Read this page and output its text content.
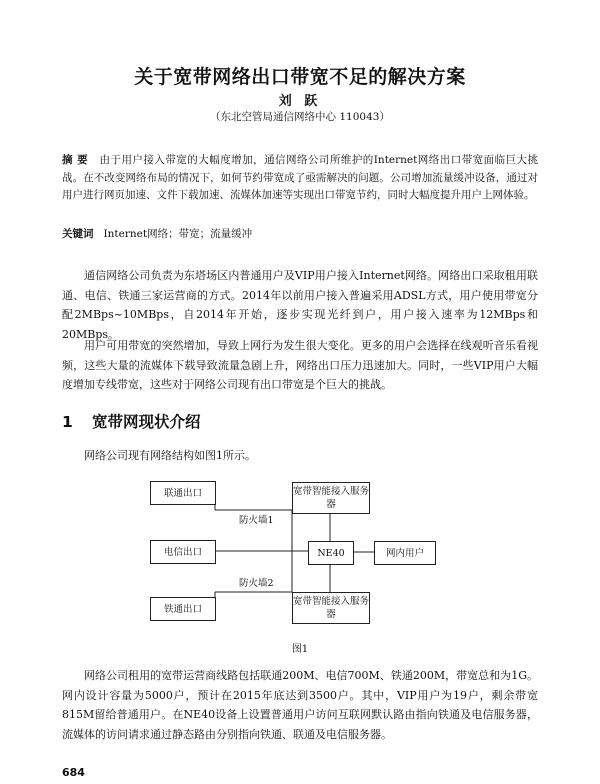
关于宽带网络出口带宽不足的解决方案
刘 跃
（东北空管局通信网络中心 110043）
摘 要 由于用户接入带宽的大幅度增加，通信网络公司所维护的Internet网络出口带宽面临巨大挑战。在不改变网络布局的情况下，如何节约带宽成了亟需解决的问题。公司增加流量缓冲设备，通过对用户进行网页加速、文件下载加速、流媒体加速等实现出口带宽节约，同时大幅度提升用户上网体验。
关键词 Internet网络；带宽；流量缓冲
通信网络公司负责为东塔场区内普通用户及VIP用户接入Internet网络。网络出口采取租用联通、电信、铁通三家运营商的方式。2014年以前用户接入普遍采用ADSL方式，用户使用带宽分配2MBps~10MBps，自2014年开始，逐步实现光纤到户，用户接入速率为12MBps和20MBps。
用户可用带宽的突然增加，导致上网行为发生很大变化。更多的用户会选择在线观听音乐看视频，这些大量的流媒体下载导致流量急剧上升，网络出口压力迅速加大。同时，一些VIP用户大幅度增加专线带宽，这些对于网络公司现有出口带宽是个巨大的挑战。
1 宽带网现状介绍
网络公司现有网络结构如图1所示。
联通出口
电信出口
铁通出口
宽带智能接入服务器
NE40	网内用户
宽带智能接入服务器
防火墙1
防火墙2
图1
网络公司租用的宽带运营商线路包括联通200M、电信700M、铁通200M，带宽总和为1G。网内设计容量为5000户，预计在2015年底达到3500户。其中，VIP用户为19户，剩余带宽815M留给普通用户。在NE40设备上设置普通用户访问互联网默认路由指向铁通及电信服务器，流媒体的访问请求通过静态路由分别指向铁通、联通及电信服务器。
684
